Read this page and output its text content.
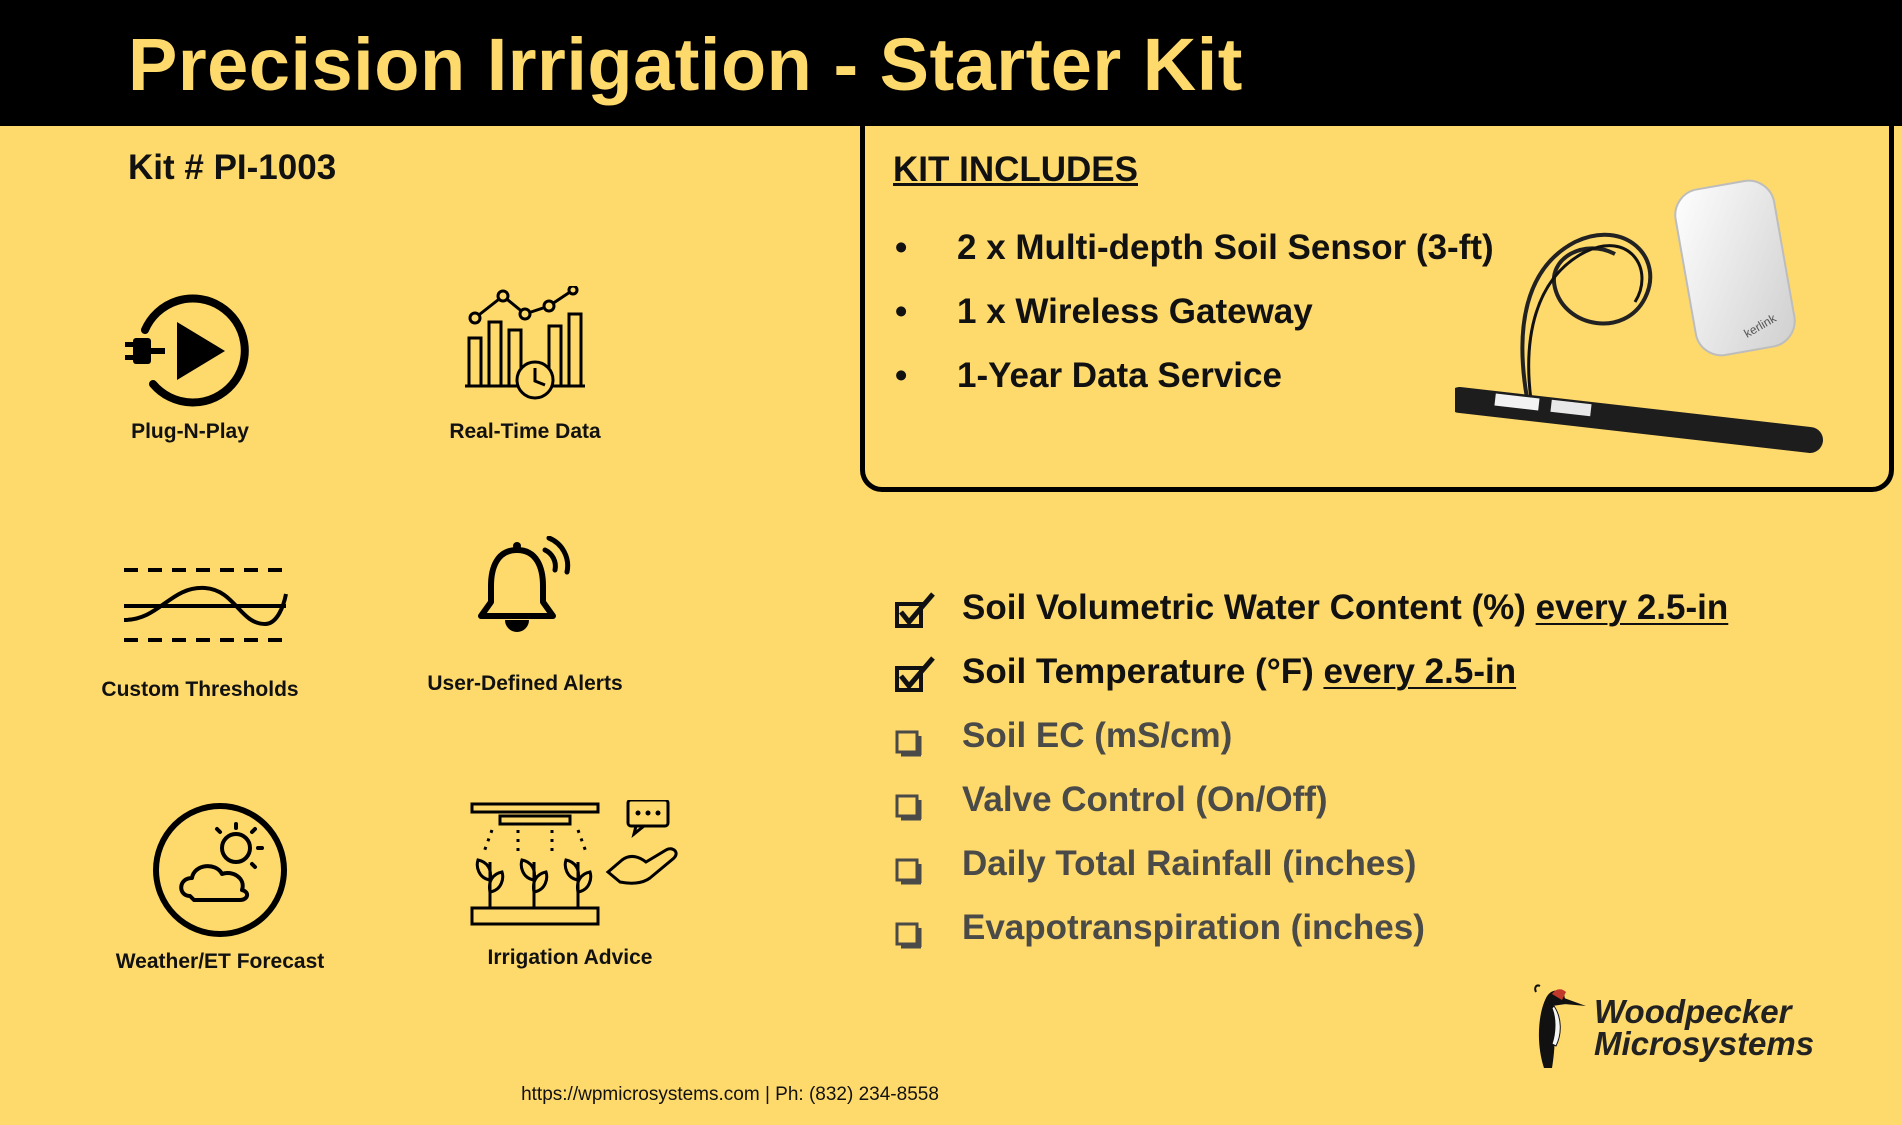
Precision Irrigation - Starter Kit
Kit # PI-1003
Plug-N-Play	Real-Time Data
Custom Thresholds	User-Defined Alerts
Weather/ET Forecast	Irrigation Advice
KIT INCLUDES
• 2 x Multi-depth Soil Sensor (3-ft)
• 1 x Wireless Gateway
• 1-Year Data Service
kerlink
Soil Volumetric Water Content (%) every 2.5-in
Soil Temperature (°F) every 2.5-in
Soil EC (mS/cm)
Valve Control (On/Off)
Daily Total Rainfall (inches)
Evapotranspiration (inches)
Woodpecker
Microsystems
https://wpmicrosystems.com | Ph: (832) 234-8558
